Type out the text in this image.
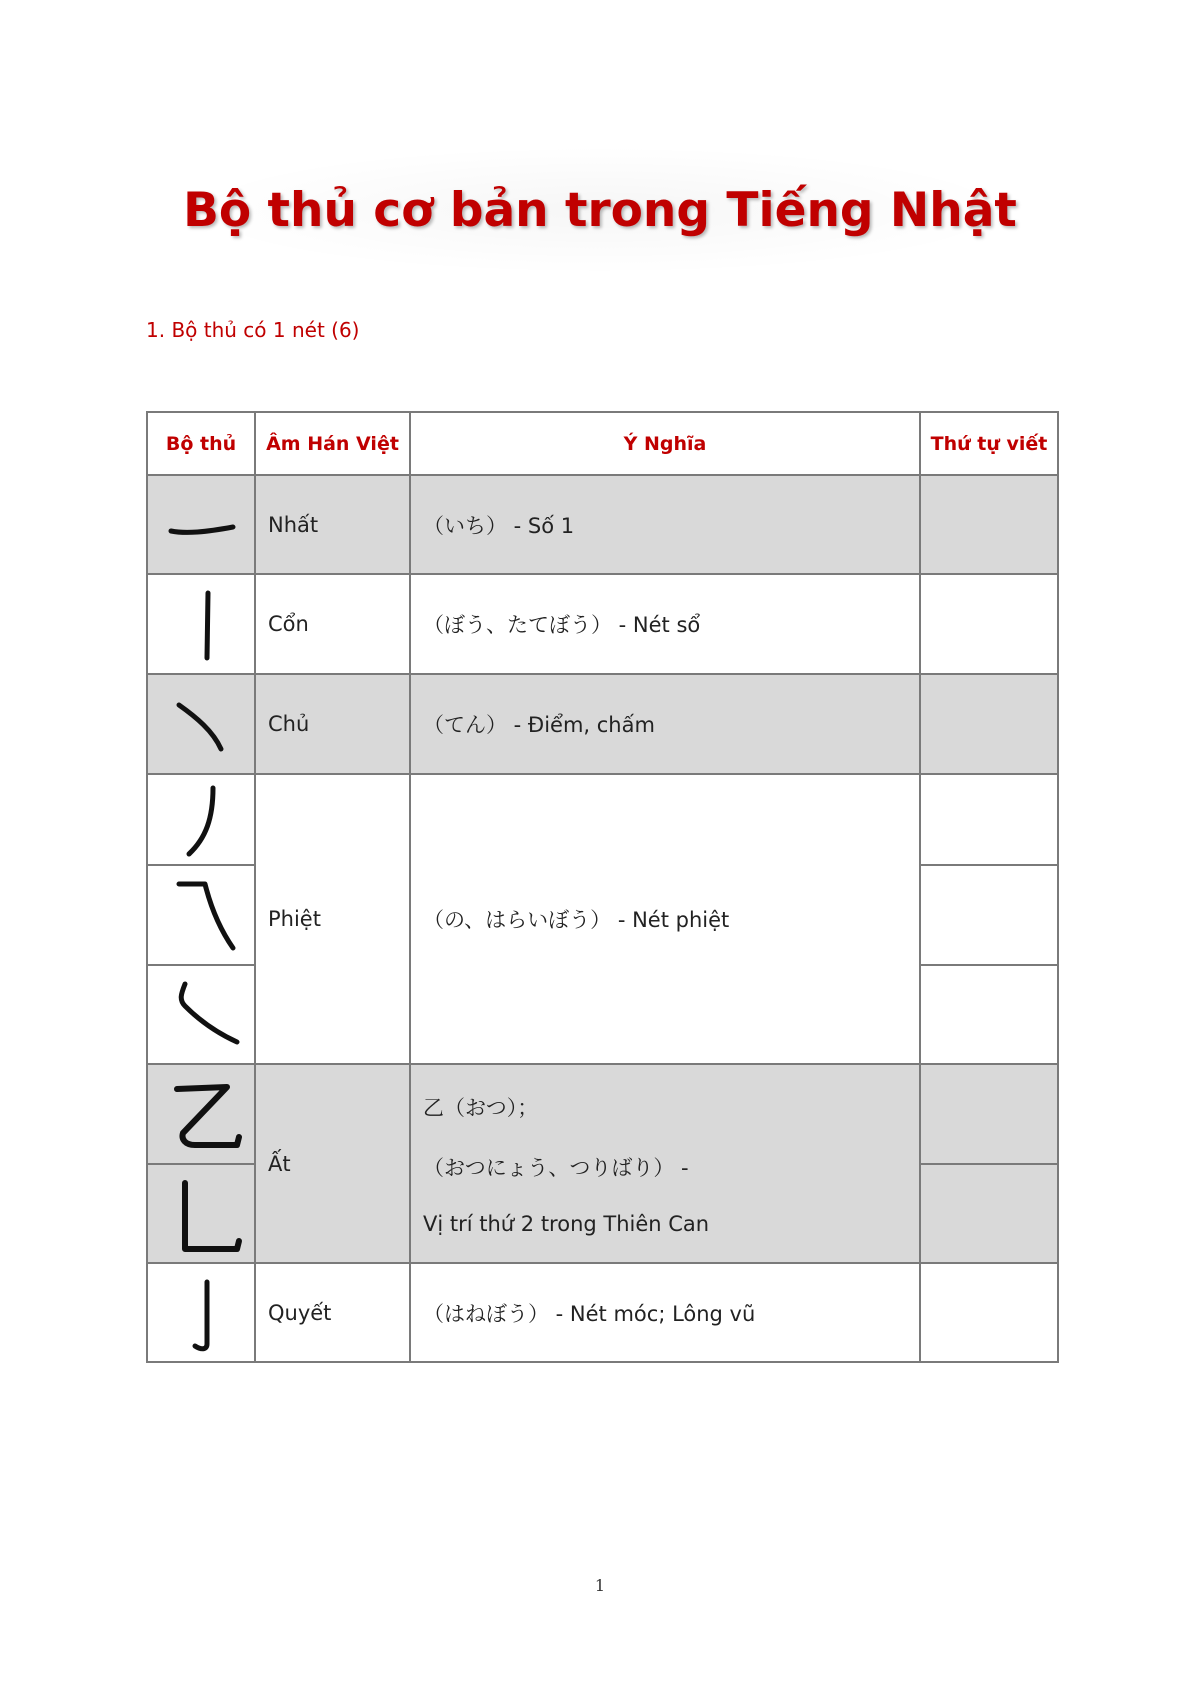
Bộ thủ cơ bản trong Tiếng Nhật
1. Bộ thủ có 1 nét (6)
Bộ thủ	Âm Hán Việt	Ý Nghĩa	Thứ tự viết

	Nhất	（いち） - Số 1	

	Cổn	（ぼう、たてぼう） - Nét sổ	

	Chủ	（てん） - Điểm, chấm	

	Phiệt	（の、はらいぼう） - Nét phiệt	

	Ất	乙（おつ）；
（おつにょう、つりばり） -
Vị trí thứ 2 trong Thiên Can	

	Quyết	（はねぼう） - Nét móc; Lông vũ	
1
